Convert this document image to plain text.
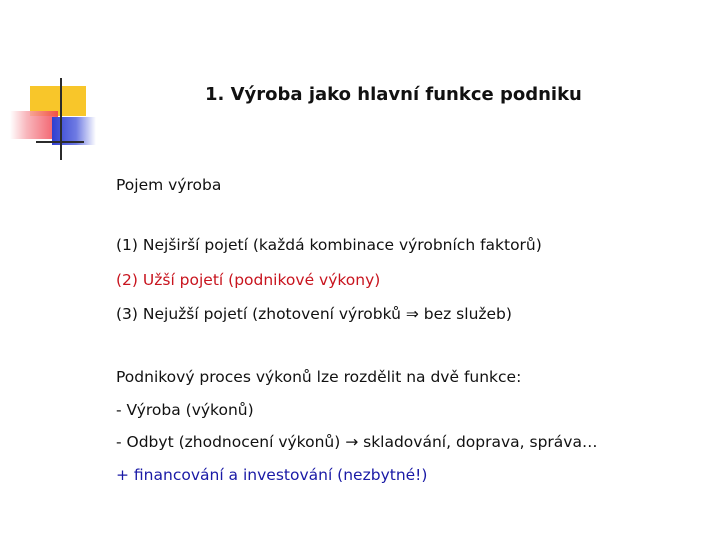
1. Výroba jako hlavní funkce podniku
Pojem výroba
(1) Nejširší pojetí (každá kombinace výrobních faktorů)
(2) Užší pojetí (podnikové výkony)
(3) Nejužší pojetí (zhotovení výrobků ⇒ bez služeb)
Podnikový proces výkonů lze rozdělit na dvě funkce:
- Výroba (výkonů)
- Odbyt (zhodnocení výkonů) → skladování, doprava, správa…
+ financování a investování (nezbytné!)
